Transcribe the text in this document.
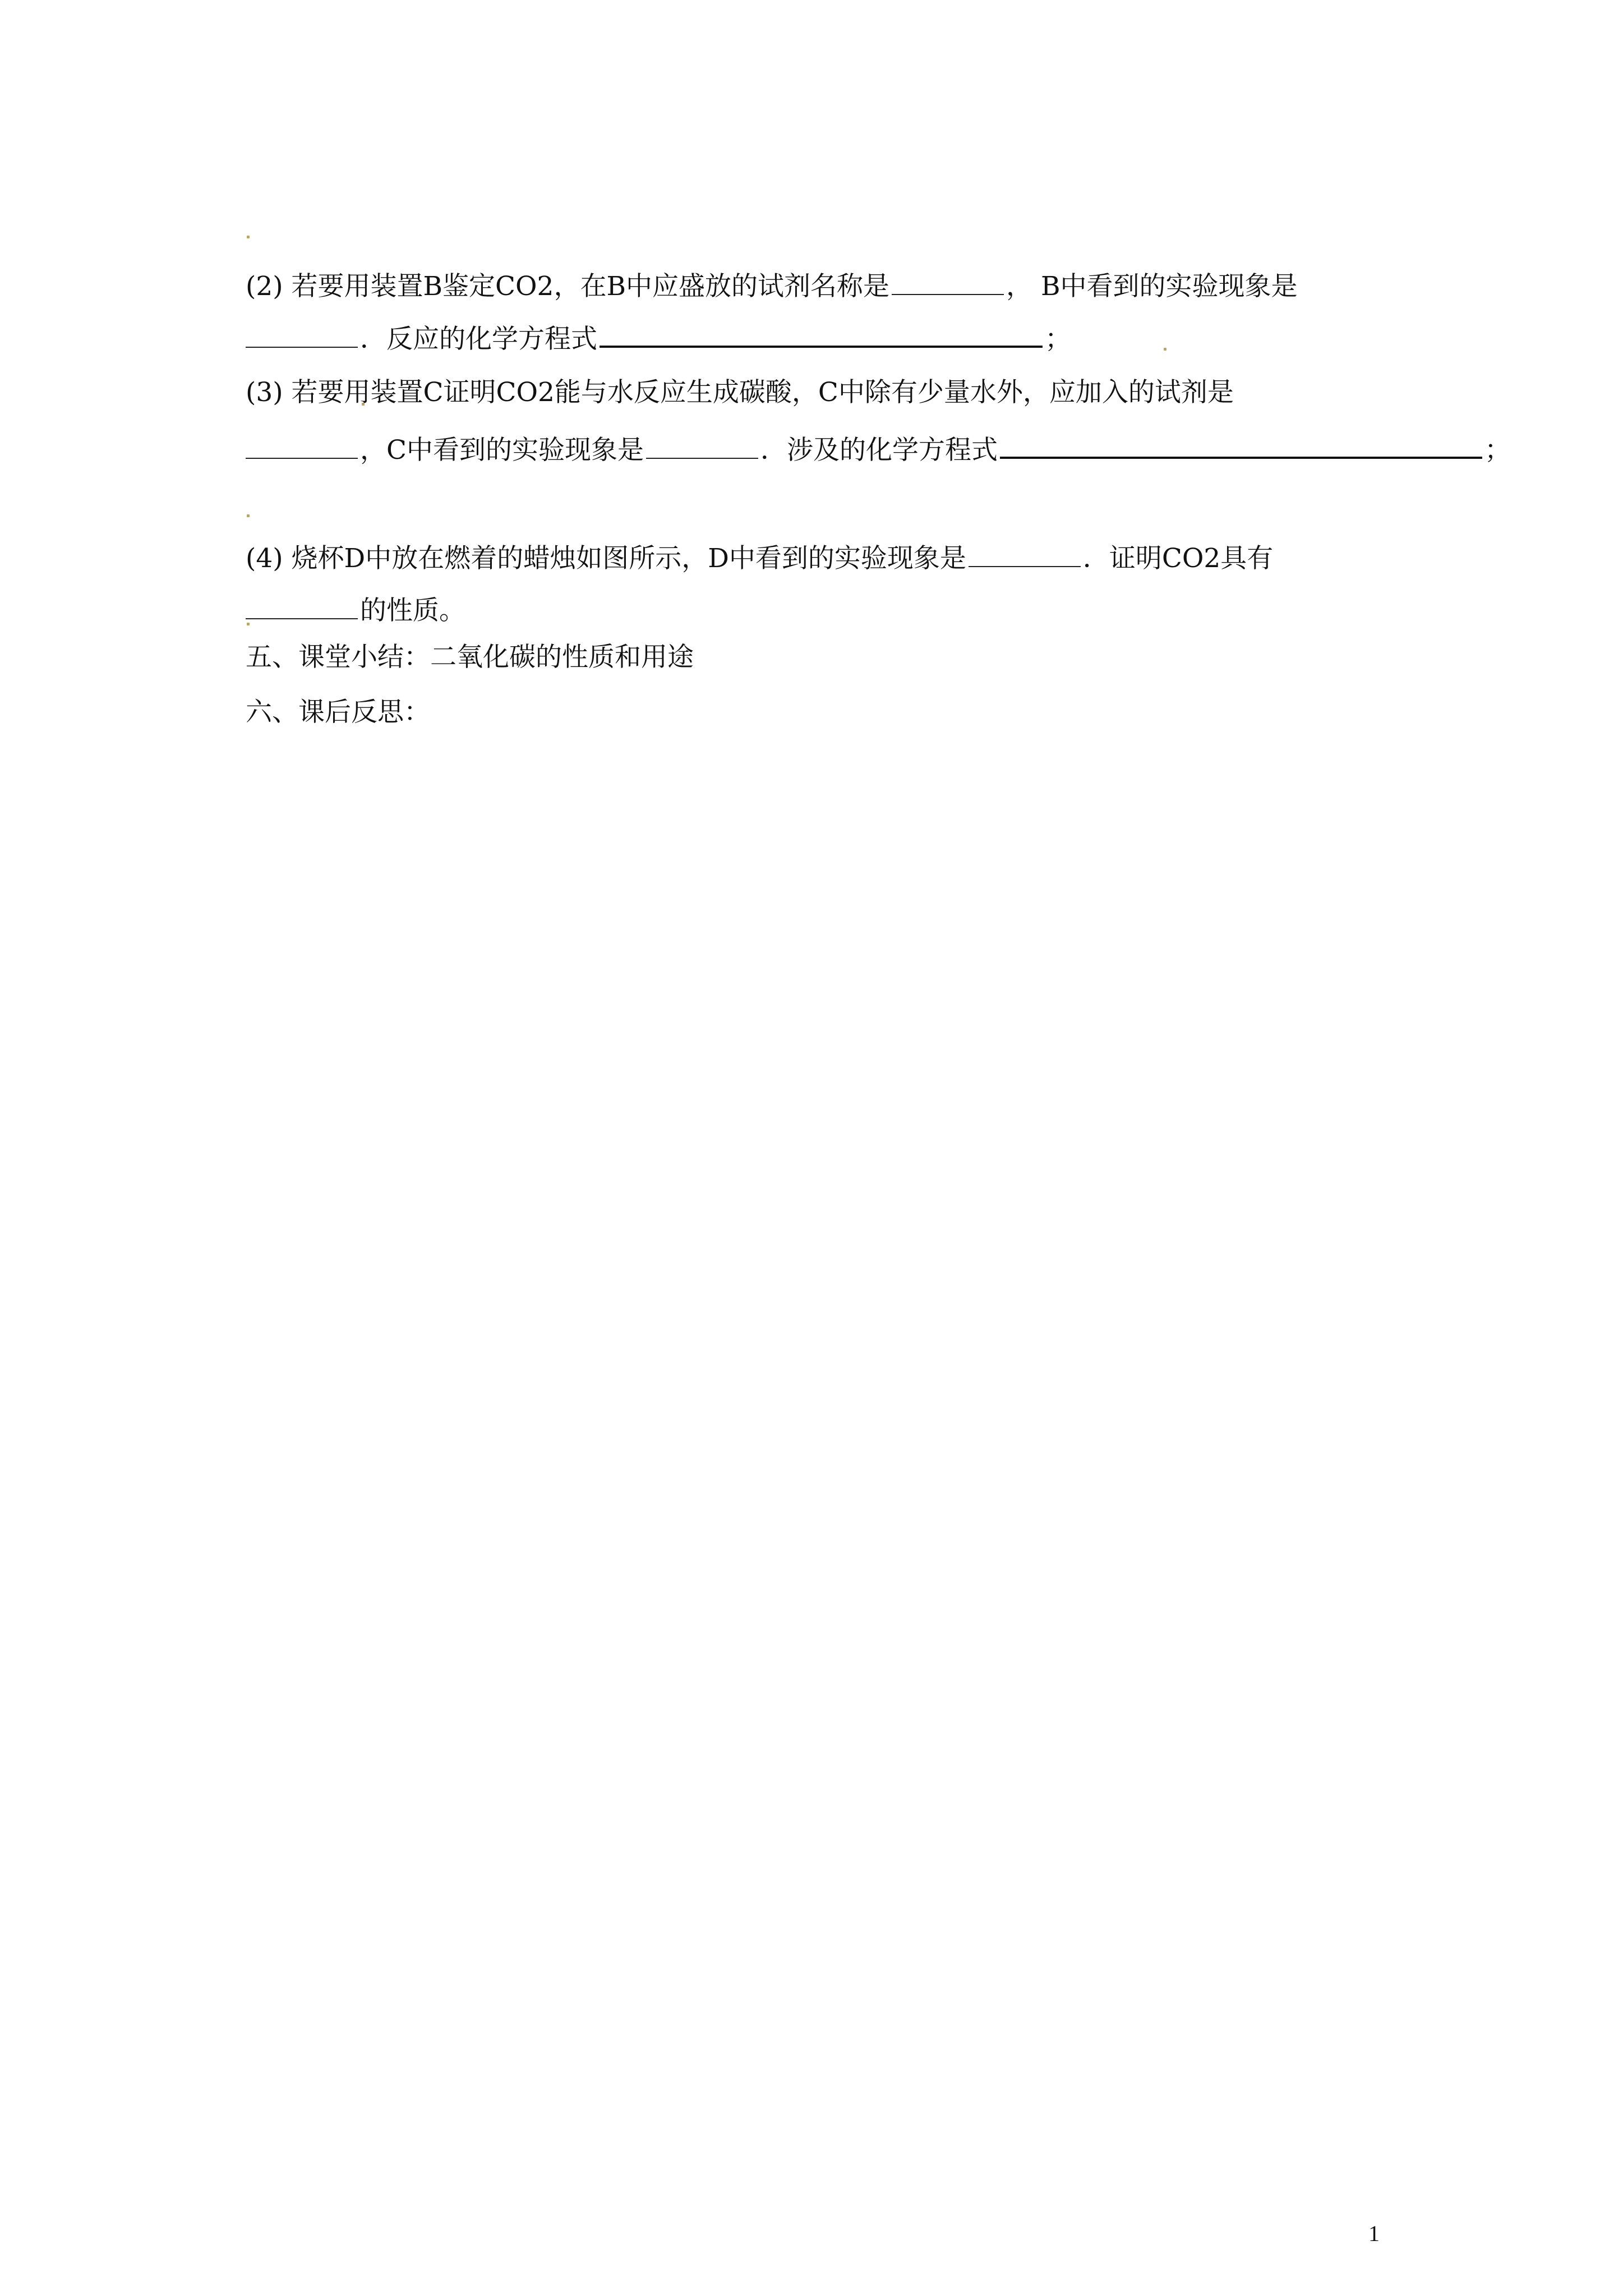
(2) 若要用装置B鉴定CO2，在B中应盛放的试剂名称是	， B中看到的实验现象是
．反应的化学方程式	；
(3) 若要用装置C证明CO2能与水反应生成碳酸，C中除有少量水外，应加入的试剂是
，C中看到的实验现象是	．涉及的化学方程式	；
(4) 烧杯D中放在燃着的蜡烛如图所示，D中看到的实验现象是	．证明CO2具有
的性质。
五、课堂小结：二氧化碳的性质和用途
六、课后反思：
1
